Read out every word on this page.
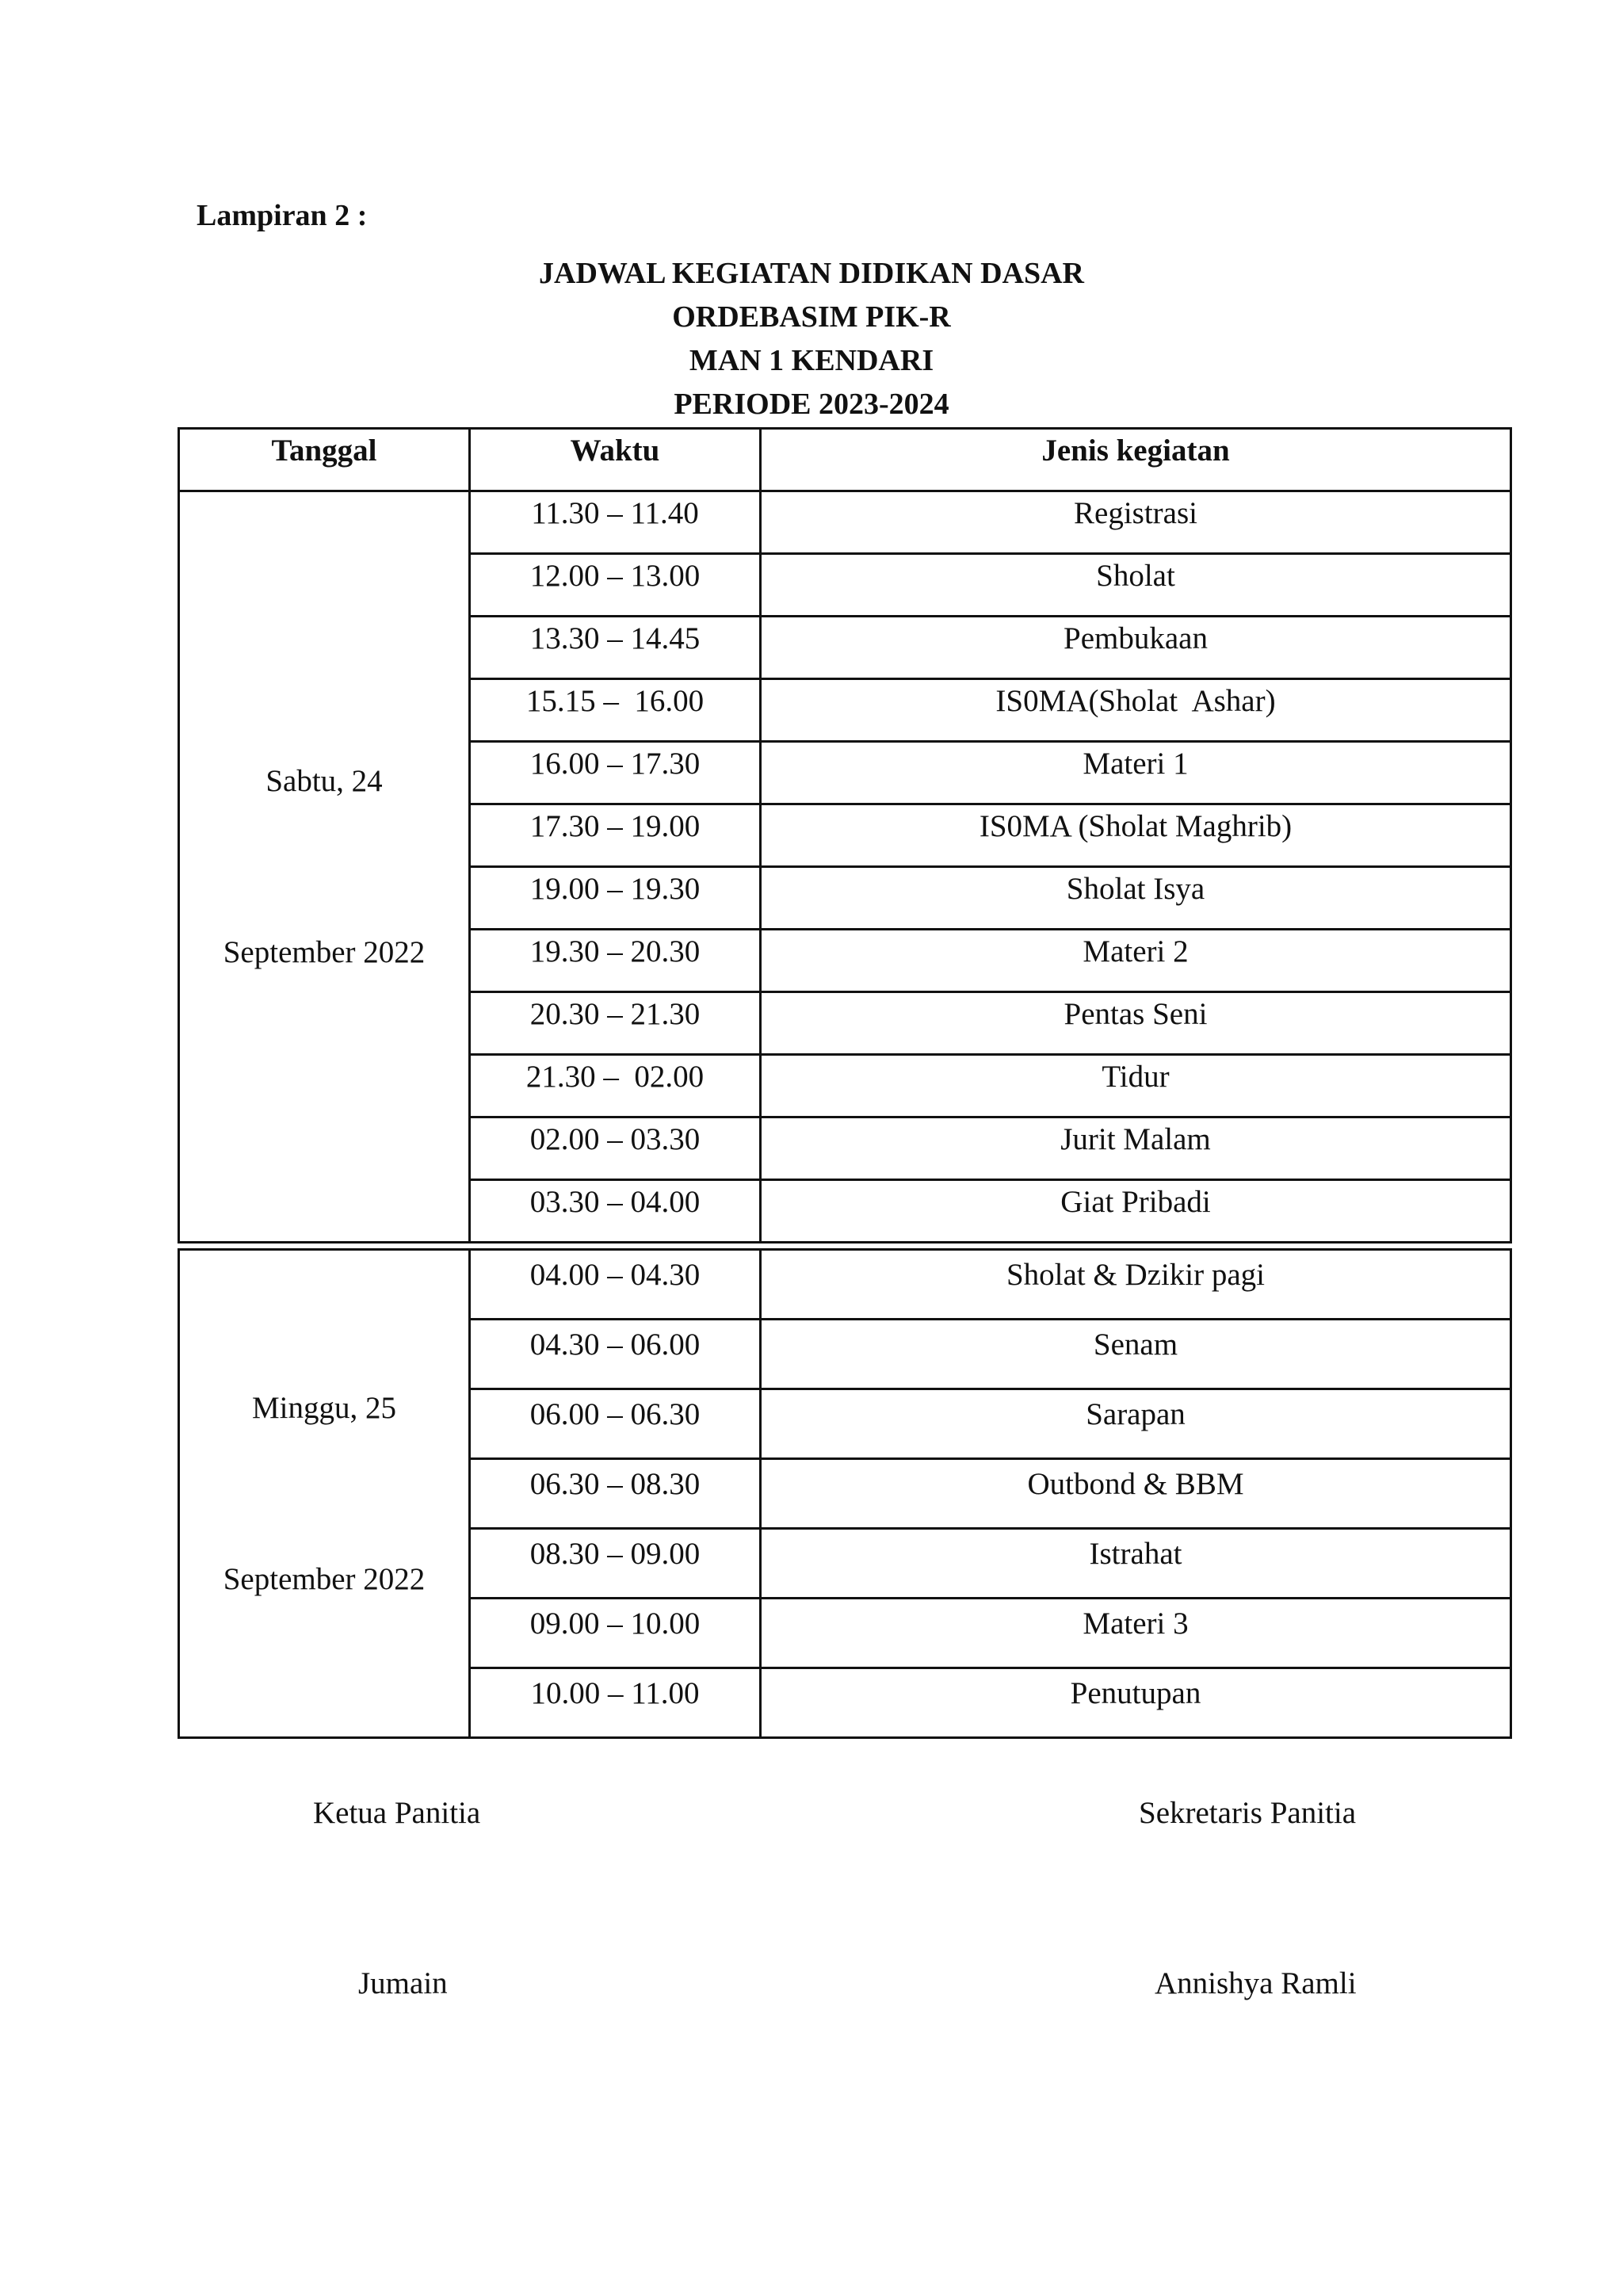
Lampiran 2 :
JADWAL KEGIATAN DIDIKAN DASAR
ORDEBASIM PIK-R
MAN 1 KENDARI
PERIODE 2023-2024
Tanggal	Waktu	Jenis kegiatan

Sabtu, 24

September 2022	11.30 – 11.40	Registrasi
	12.00 – 13.00	Sholat
	13.30 – 14.45	Pembukaan
	15.15 –  16.00	IS0MA(Sholat  Ashar)
	16.00 – 17.30	Materi 1
	17.30 – 19.00	IS0MA (Sholat Maghrib)
	19.00 – 19.30	Sholat Isya
	19.30 – 20.30	Materi 2
	20.30 – 21.30	Pentas Seni
	21.30 –  02.00	Tidur
	02.00 – 03.30	Jurit Malam
	03.30 – 04.00	Giat Pribadi

Minggu, 25

September 2022	04.00 – 04.30	Sholat & Dzikir pagi
	04.30 – 06.00	Senam
	06.00 – 06.30	Sarapan
	06.30 – 08.30	Outbond & BBM
	08.30 – 09.00	Istrahat
	09.00 – 10.00	Materi 3
	10.00 – 11.00	Penutupan
Ketua Panitia	Sekretaris Panitia
Jumain	Annishya Ramli
